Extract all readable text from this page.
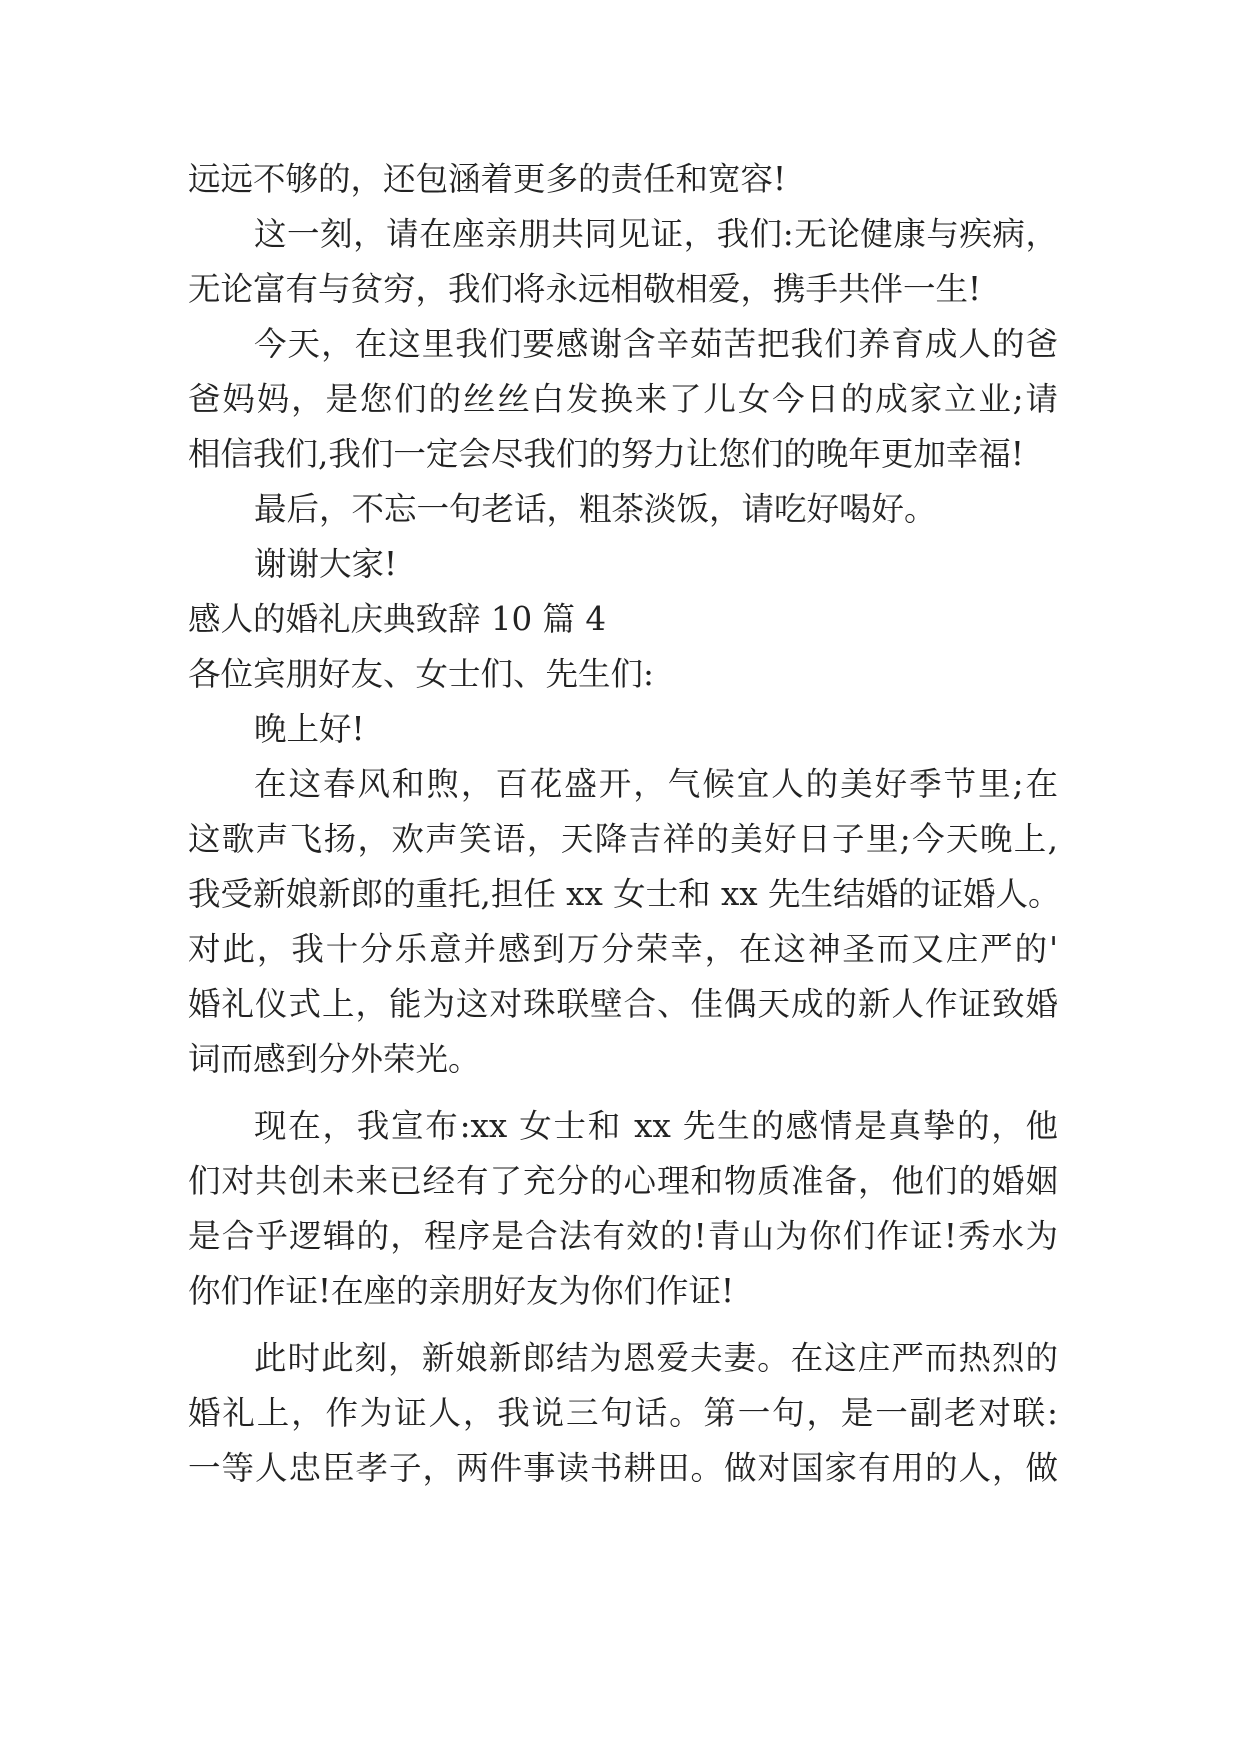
远远不够的，还包涵着更多的责任和宽容!
这一刻，请在座亲朋共同见证，我们:无论健康与疾病，
无论富有与贫穷，我们将永远相敬相爱，携手共伴一生!
今天，在这里我们要感谢含辛茹苦把我们养育成人的爸
爸妈妈，是您们的丝丝白发换来了儿女今日的成家立业;请
相信我们,我们一定会尽我们的努力让您们的晚年更加幸福!
最后，不忘一句老话，粗茶淡饭，请吃好喝好。
谢谢大家!
感人的婚礼庆典致辞 10 篇 4
各位宾朋好友、女士们、先生们:
晚上好!
在这春风和煦，百花盛开，气候宜人的美好季节里;在
这歌声飞扬，欢声笑语，天降吉祥的美好日子里;今天晚上,
我受新娘新郎的重托,担任 xx 女士和 xx 先生结婚的证婚人。
对此，我十分乐意并感到万分荣幸，在这神圣而又庄严的'
婚礼仪式上，能为这对珠联壁合、佳偶天成的新人作证致婚
词而感到分外荣光。
现在，我宣布:xx 女士和 xx 先生的感情是真挚的，他
们对共创未来已经有了充分的心理和物质准备，他们的婚姻
是合乎逻辑的，程序是合法有效的!青山为你们作证!秀水为
你们作证!在座的亲朋好友为你们作证!
此时此刻，新娘新郎结为恩爱夫妻。在这庄严而热烈的
婚礼上，作为证人，我说三句话。第一句，是一副老对联:
一等人忠臣孝子，两件事读书耕田。做对国家有用的人，做
